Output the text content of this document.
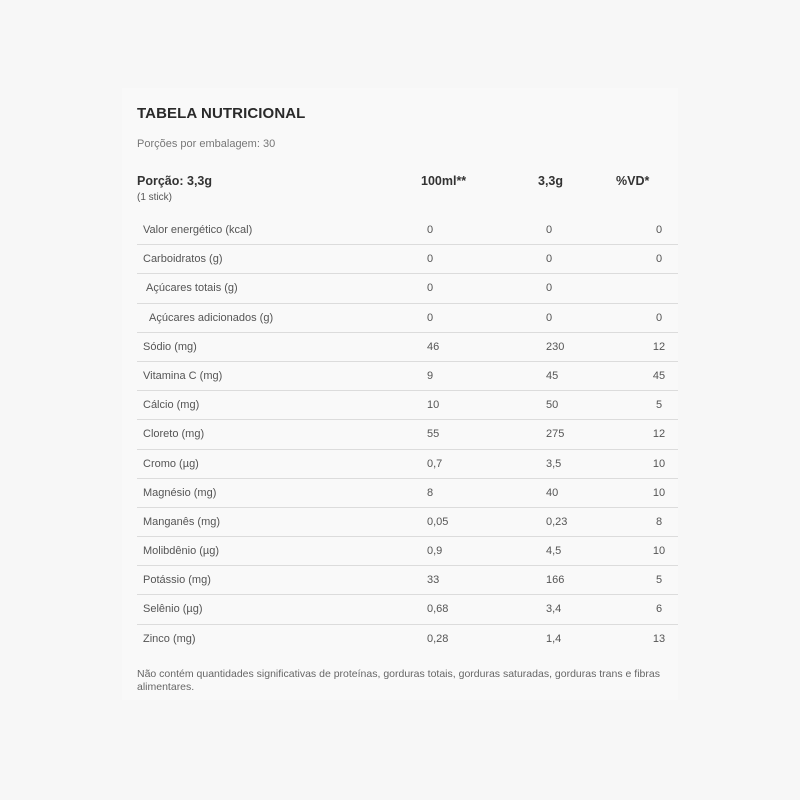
TABELA NUTRICIONAL
Porções por embalagem: 30
Porção: 3,3g
(1 stick)
100ml**	3,3g	%VD*
Valor energético (kcal)	0	0	0
Carboidratos (g)	0	0	0
Açúcares totais (g)	0	0
Açúcares adicionados (g)	0	0	0
Sódio (mg)	46	230	12
Vitamina C (mg)	9	45	45
Cálcio (mg)	10	50	5
Cloreto (mg)	55	275	12
Cromo (µg)	0,7	3,5	10
Magnésio (mg)	8	40	10
Manganês (mg)	0,05	0,23	8
Molibdênio (µg)	0,9	4,5	10
Potássio (mg)	33	166	5
Selênio (µg)	0,68	3,4	6
Zinco (mg)	0,28	1,4	13
Não contém quantidades significativas de proteínas, gorduras totais, gorduras saturadas, gorduras trans e fibras alimentares.
